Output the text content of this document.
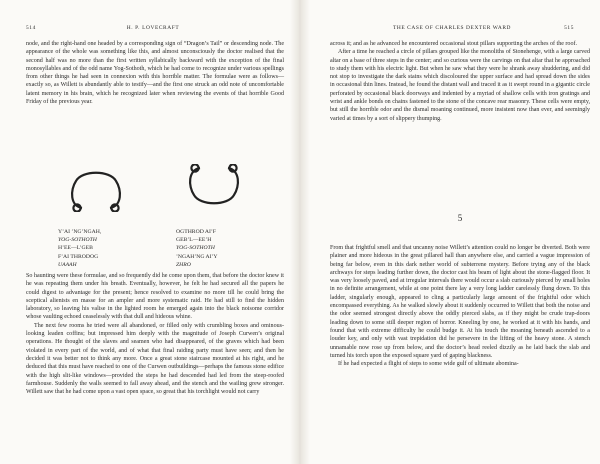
514	H. P. LOVECRAFT

node, and the right-hand one headed by a corresponding sign of “Dragon’s Tail” or descending node. The appearance of the whole was something like this, and almost unconsciously the doctor realised that the second half was no more than the first written syllabically backward with the exception of the final monosyllables and of the odd name Yog-Sothoth, which he had come to recognize under various spellings from other things he had seen in connexion with this horrible matter. The formulae were as follows—exactly so, as Willett is abundantly able to testify—and the first one struck an odd note of uncomfortable latent memory in his brain, which he recognized later when reviewing the events of that horrible Good Friday of the previous year.

Y’AI ’NG’NGAH,
YOG-SOTHOTH
H’EE—L’GEB
F’AI THRODOG
UAAAH
OGTHROD AI’F
GEB’L—EE’H
YOG-SOTHOTH
’NGAH’NG AI’Y
ZHRO

So haunting were these formulae, and so frequently did he come upon them, that before the doctor knew it he was repeating them under his breath. Eventually, however, he felt he had secured all the papers he could digest to advantage for the present; hence resolved to examine no more till he could bring the sceptical alienists en masse for an ampler and more systematic raid. He had still to find the hidden laboratory, so leaving his valise in the lighted room he emerged again into the black noisome corridor whose vaulting echoed ceaselessly with that dull and hideous whine.

The next few rooms he tried were all abandoned, or filled only with crumbling boxes and ominous-looking leaden coffins; but impressed him deeply with the magnitude of Joseph Curwen’s original operations. He thought of the slaves and seamen who had disappeared, of the graves which had been violated in every part of the world, and of what that final raiding party must have seen; and then he decided it was better not to think any more. Once a great stone staircase mounted at his right, and he deduced that this must have reached to one of the Curwen outbuildings—perhaps the famous stone edifice with the high slit-like windows—provided the steps he had descended had led from the steep-roofed farmhouse. Suddenly the walls seemed to fall away ahead, and the stench and the wailing grew stronger. Willett saw that he had come upon a vast open space, so great that his torchlight would not carry

THE CASE OF CHARLES DEXTER WARD	515

across it; and as he advanced he encountered occasional stout pillars supporting the arches of the roof.

After a time he reached a circle of pillars grouped like the monoliths of Stonehenge, with a large carved altar on a base of three steps in the center; and so curious were the carvings on that altar that he approached to study them with his electric light. But when he saw what they were he shrank away shuddering, and did not stop to investigate the dark stains which discoloured the upper surface and had spread down the sides in occasional thin lines. Instead, he found the distant wall and traced it as it swept round in a gigantic circle perforated by occasional black doorways and indented by a myriad of shallow cells with iron gratings and wrist and ankle bonds on chains fastened to the stone of the concave rear masonry. These cells were empty, but still the horrible odor and the dismal moaning continued, more insistent now than ever, and seemingly varied at times by a sort of slippery thumping.

5

From that frightful smell and that uncanny noise Willett’s attention could no longer be diverted. Both were plainer and more hideous in the great pillared hall than anywhere else, and carried a vague impression of being far below, even in this dark nether world of subterrene mystery. Before trying any of the black archways for steps leading further down, the doctor cast his beam of light about the stone-flagged floor. It was very loosely paved, and at irregular intervals there would occur a slab curiously pierced by small holes in no definite arrangement, while at one point there lay a very long ladder carelessly flung down. To this ladder, singularly enough, appeared to cling a particularly large amount of the frightful odor which encompassed everything. As he walked slowly about it suddenly occurred to Willett that both the noise and the odor seemed strongest directly above the oddly pierced slabs, as if they might be crude trap-doors leading down to some still deeper region of horror. Kneeling by one, he worked at it with his hands, and found that with extreme difficulty he could budge it. At his touch the moaning beneath ascended to a louder key, and only with vast trepidation did he persevere in the lifting of the heavy stone. A stench unnamable now rose up from below, and the doctor’s head reeled dizzily as he laid back the slab and turned his torch upon the exposed square yard of gaping blackness.

If he had expected a flight of steps to some wide gulf of ultimate abomina-
